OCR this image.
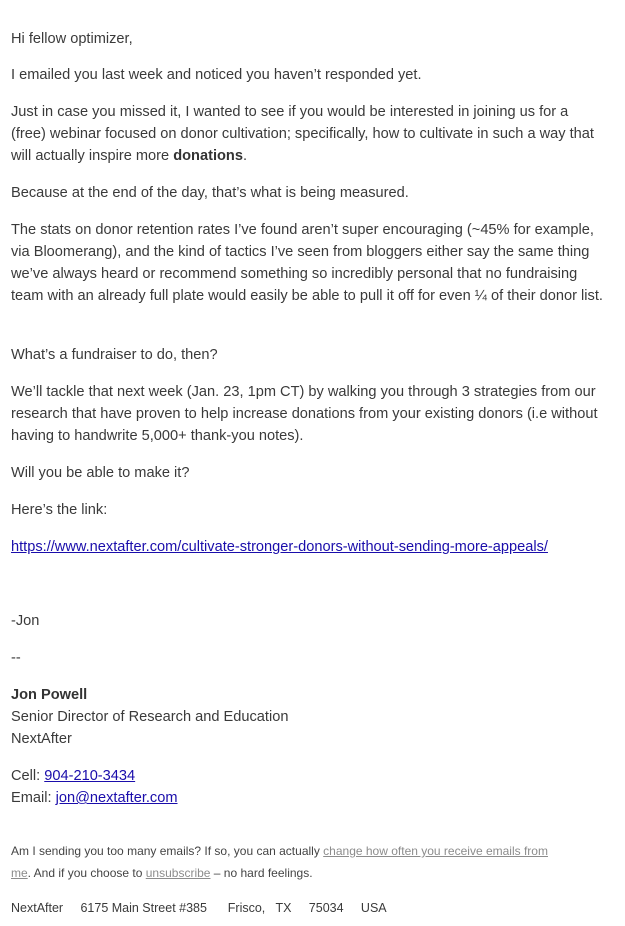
Hi fellow optimizer,

I emailed you last week and noticed you haven’t responded yet.

Just in case you missed it, I wanted to see if you would be interested in joining us for a (free) webinar focused on donor cultivation; specifically, how to cultivate in such a way that will actually inspire more donations.

Because at the end of the day, that’s what is being measured.

The stats on donor retention rates I’ve found aren’t super encouraging (~45% for example, via Bloomerang), and the kind of tactics I’ve seen from bloggers either say the same thing we’ve always heard or recommend something so incredibly personal that no fundraising team with an already full plate would easily be able to pull it off for even ¼ of their donor list.

What’s a fundraiser to do, then?

We’ll tackle that next week (Jan. 23, 1pm CT) by walking you through 3 strategies from our research that have proven to help increase donations from your existing donors (i.e without having to handwrite 5,000+ thank-you notes).

Will you be able to make it?

Here’s the link:

https://www.nextafter.com/cultivate-stronger-donors-without-sending-more-appeals/

-Jon

--

Jon Powell

Senior Director of Research and Education

NextAfter

Cell: 904-210-3434

Email: jon@nextafter.com

Am I sending you too many emails? If so, you can actually change how often you receive emails from me. And if you choose to unsubscribe – no hard feelings.

NextAfter     6175 Main Street #385      Frisco,   TX     75034     USA
